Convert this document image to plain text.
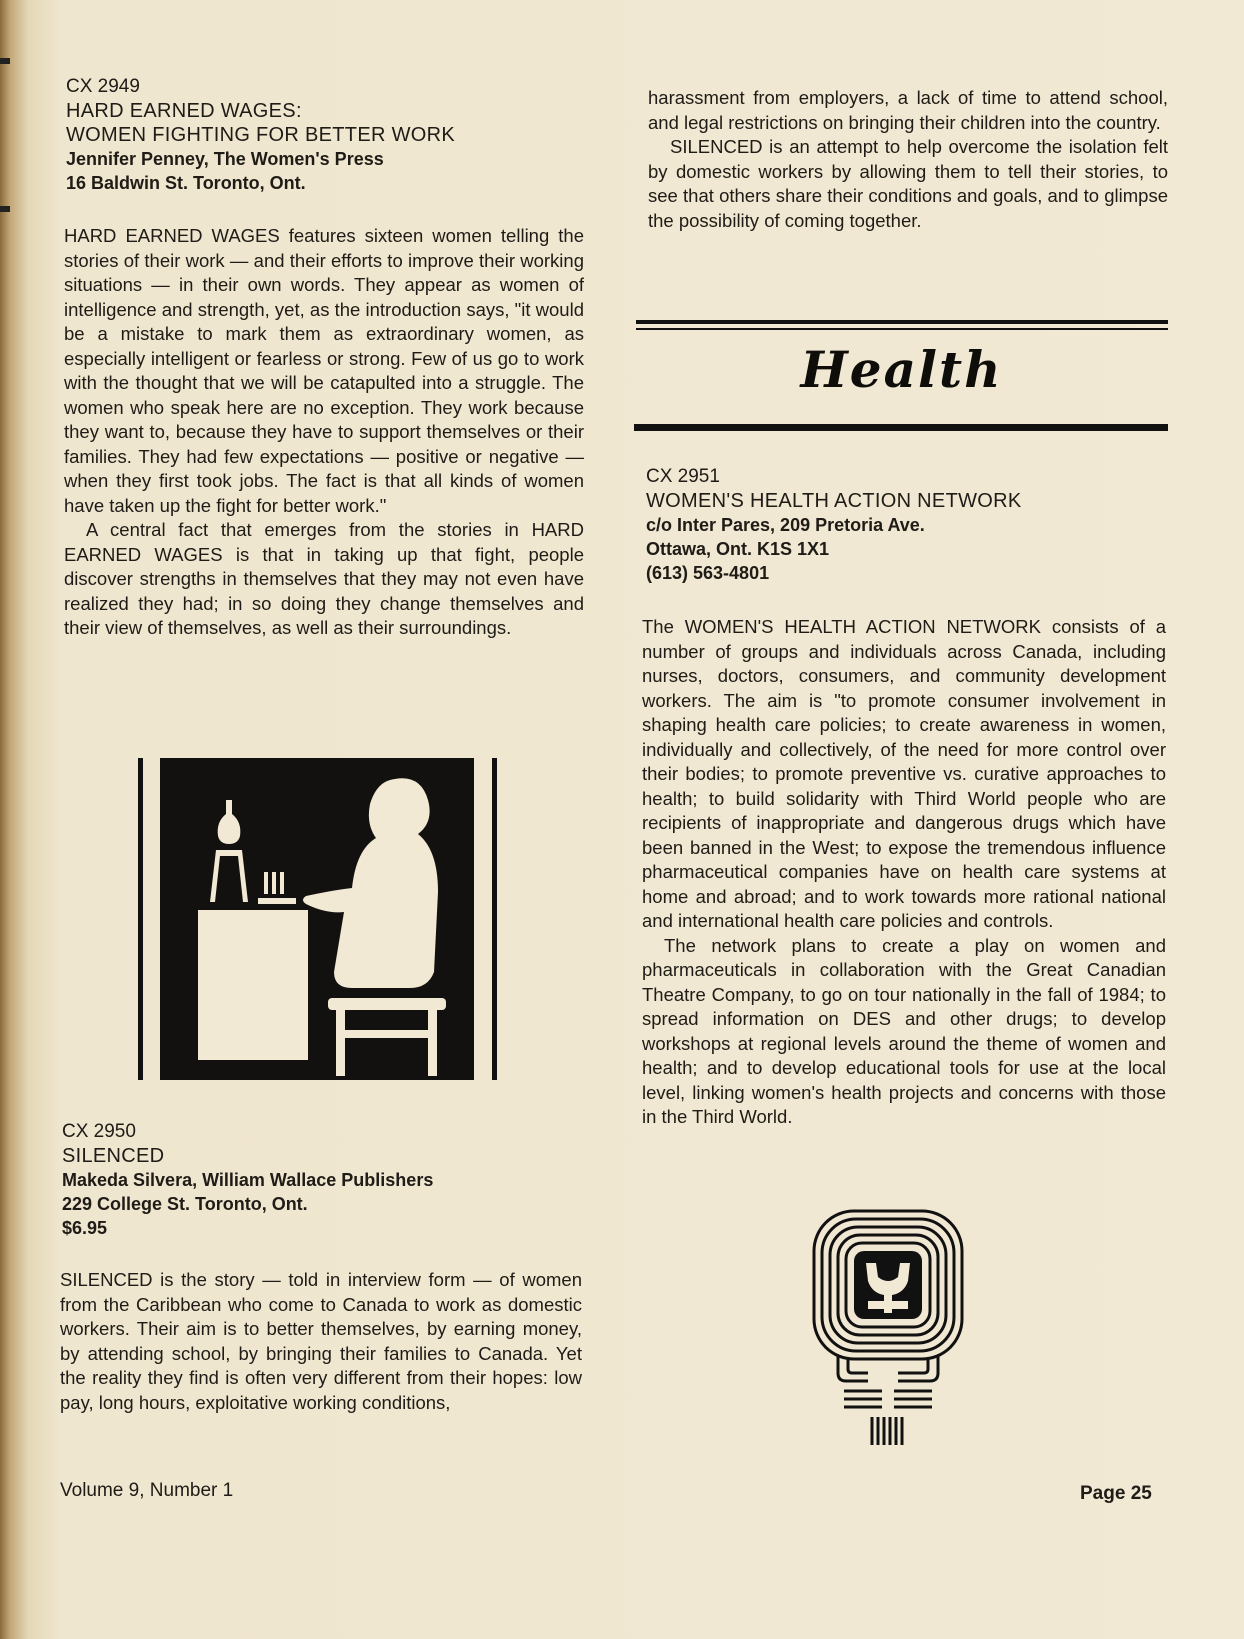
CX 2949
HARD EARNED WAGES:
WOMEN FIGHTING FOR BETTER WORK
Jennifer Penney, The Women's Press
16 Baldwin St. Toronto, Ont.

HARD EARNED WAGES features sixteen women telling the stories of their work — and their efforts to improve their working situations — in their own words. They appear as women of intelligence and strength, yet, as the introduction says, "it would be a mistake to mark them as extraordinary women, as especially intelligent or fearless or strong. Few of us go to work with the thought that we will be catapulted into a struggle. The women who speak here are no exception. They work because they want to, because they have to support themselves or their families. They had few expectations — positive or negative — when they first took jobs. The fact is that all kinds of women have taken up the fight for better work."

A central fact that emerges from the stories in HARD EARNED WAGES is that in taking up that fight, people discover strengths in themselves that they may not even have realized they had; in so doing they change themselves and their view of themselves, as well as their surroundings.

CX 2950
SILENCED
Makeda Silvera, William Wallace Publishers
229 College St. Toronto, Ont.
$6.95

SILENCED is the story — told in interview form — of women from the Caribbean who come to Canada to work as domestic workers. Their aim is to better themselves, by earning money, by attending school, by bringing their families to Canada. Yet the reality they find is often very different from their hopes: low pay, long hours, exploitative working conditions,

harassment from employers, a lack of time to attend school, and legal restrictions on bringing their children into the country.

SILENCED is an attempt to help overcome the isolation felt by domestic workers by allowing them to tell their stories, to see that others share their conditions and goals, and to glimpse the possibility of coming together.

Health
CX 2951
WOMEN'S HEALTH ACTION NETWORK
c/o Inter Pares, 209 Pretoria Ave.
Ottawa, Ont. K1S 1X1
(613) 563-4801

The WOMEN'S HEALTH ACTION NETWORK consists of a number of groups and individuals across Canada, including nurses, doctors, consumers, and community development workers. The aim is "to promote consumer involvement in shaping health care policies; to create awareness in women, individually and collectively, of the need for more control over their bodies; to promote preventive vs. curative approaches to health; to build solidarity with Third World people who are recipients of inappropriate and dangerous drugs which have been banned in the West; to expose the tremendous influence pharmaceutical companies have on health care systems at home and abroad; and to work towards more rational national and international health care policies and controls.

The network plans to create a play on women and pharmaceuticals in collaboration with the Great Canadian Theatre Company, to go on tour nationally in the fall of 1984; to spread information on DES and other drugs; to develop workshops at regional levels around the theme of women and health; and to develop educational tools for use at the local level, linking women's health projects and concerns with those in the Third World.

Volume 9, Number 1	Page 25
